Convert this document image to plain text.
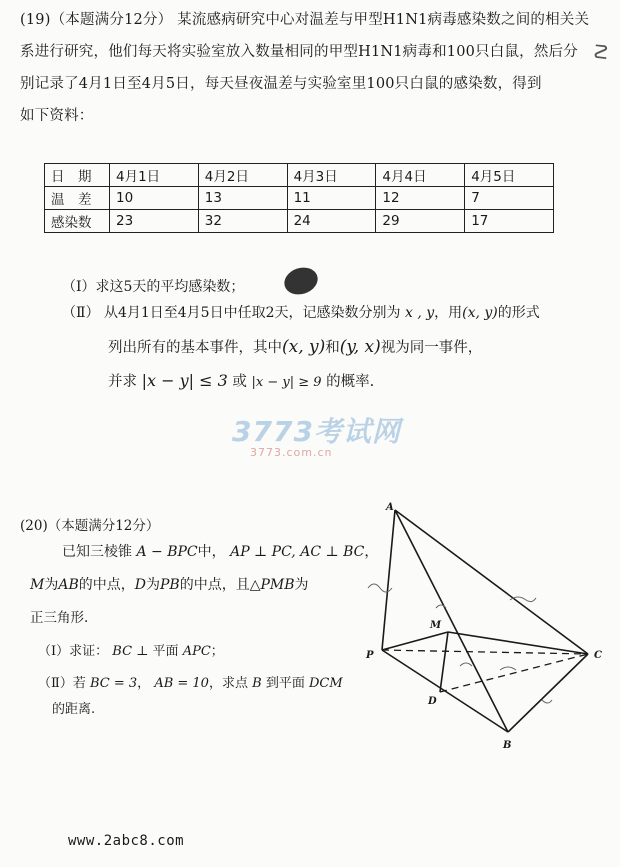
(19)（本题满分12分） 某流感病研究中心对温差与甲型H1N1病毒感染数之间的相关关
☡
系进行研究，他们每天将实验室放入数量相同的甲型H1N1病毒和100只白鼠，然后分
别记录了4月1日至4月5日，每天昼夜温差与实验室里100只白鼠的感染数，得到
如下资料：
日　期	4月1日	4月2日	4月3日	4月4日	4月5日
温　差	10	13	11	12	7
感染数	23	32	24	29	17
（Ⅰ）求这5天的平均感染数；
（Ⅱ） 从4月1日至4月5日中任取2天，记感染数分别为 x , y，用(x, y)的形式
列出所有的基本事件，其中(x, y)和(y, x)视为同一事件，
并求 |x − y| ≤ 3 或 |x − y| ≥ 9 的概率.
3773考试网
3773.com.cn
(20)（本题满分12分）
已知三棱锥 A − BPC中， AP ⊥ PC, AC ⊥ BC，
M为AB的中点，D为PB的中点，且△PMB为
正三角形.
（Ⅰ）求证： BC ⊥ 平面 APC；
（Ⅱ）若 BC = 3， AB = 10，求点 B 到平面 DCM
的距离.
A
P
M
D
B
C
www.2abc8.com
